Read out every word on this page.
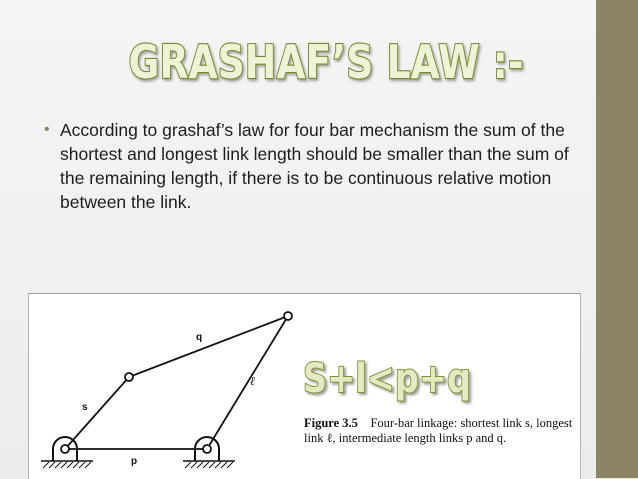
GRASHAF’S LAW :-
• According to grashaf’s law for four bar mechanism the sum of the shortest and longest link length should be smaller than the sum of the remaining length, if there is to be continuous relative motion between the link.
q
s
ℓ
p
Figure 3.5 Four-bar linkage: shortest link s, longest link ℓ, intermediate length links p and q.
S+l<p+q
